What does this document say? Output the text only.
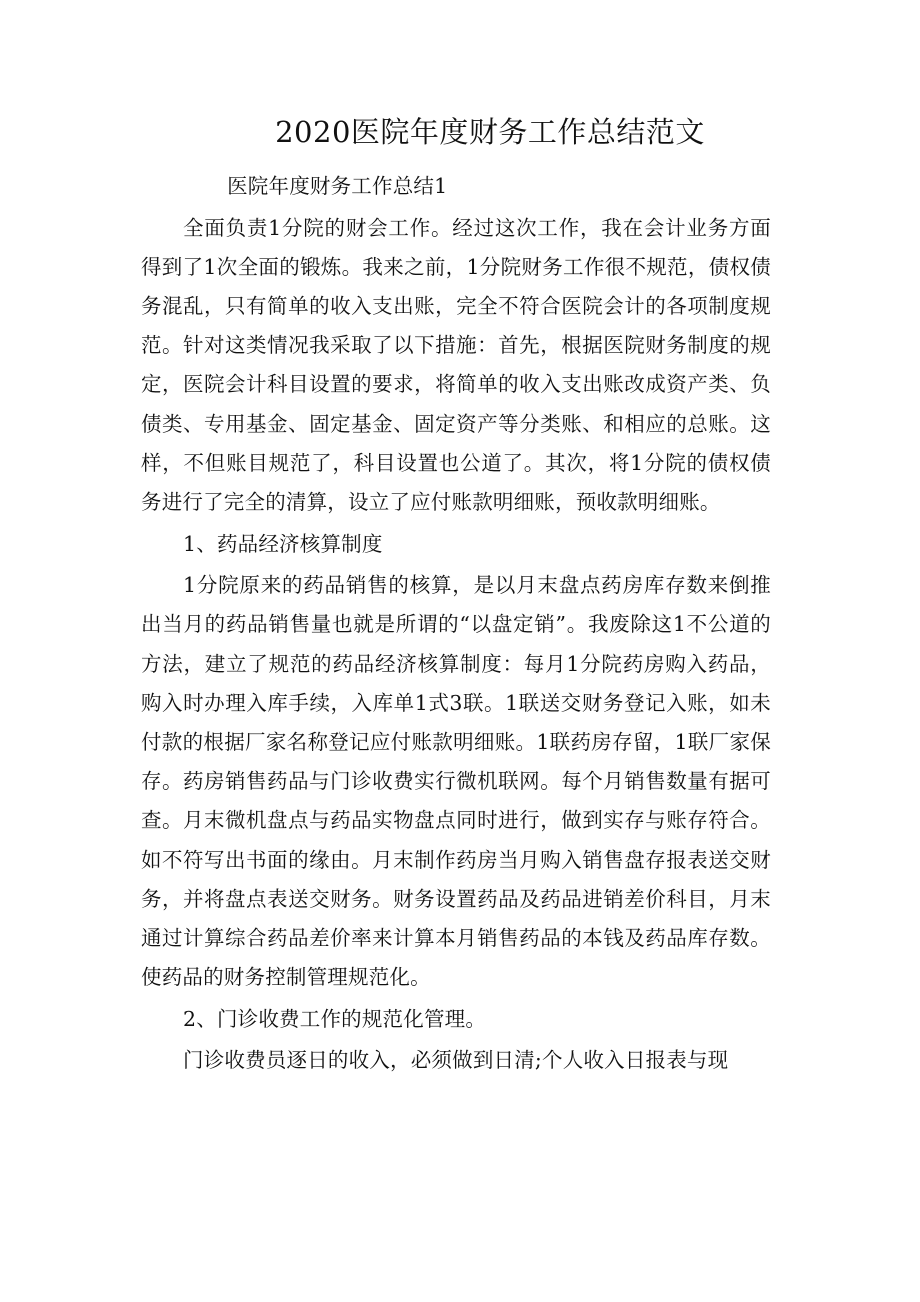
2020医院年度财务工作总结范文

医院年度财务工作总结1

全面负责1分院的财会工作。经过这次工作，我在会计业务方面得到了1次全面的锻炼。我来之前，1分院财务工作很不规范，债权债务混乱，只有简单的收入支出账，完全不符合医院会计的各项制度规范。针对这类情况我采取了以下措施：首先，根据医院财务制度的规定，医院会计科目设置的要求，将简单的收入支出账改成资产类、负债类、专用基金、固定基金、固定资产等分类账、和相应的总账。这样，不但账目规范了，科目设置也公道了。其次，将1分院的债权债务进行了完全的清算，设立了应付账款明细账，预收款明细账。

1、药品经济核算制度

1分院原来的药品销售的核算，是以月末盘点药房库存数来倒推出当月的药品销售量也就是所谓的“以盘定销”。我废除这1不公道的方法，建立了规范的药品经济核算制度：每月1分院药房购入药品，购入时办理入库手续，入库单1式3联。1联送交财务登记入账，如未付款的根据厂家名称登记应付账款明细账。1联药房存留，1联厂家保存。药房销售药品与门诊收费实行微机联网。每个月销售数量有据可查。月末微机盘点与药品实物盘点同时进行，做到实存与账存符合。如不符写出书面的缘由。月末制作药房当月购入销售盘存报表送交财务，并将盘点表送交财务。财务设置药品及药品进销差价科目，月末通过计算综合药品差价率来计算本月销售药品的本钱及药品库存数。使药品的财务控制管理规范化。

2、门诊收费工作的规范化管理。

门诊收费员逐日的收入，必须做到日清;个人收入日报表与现
